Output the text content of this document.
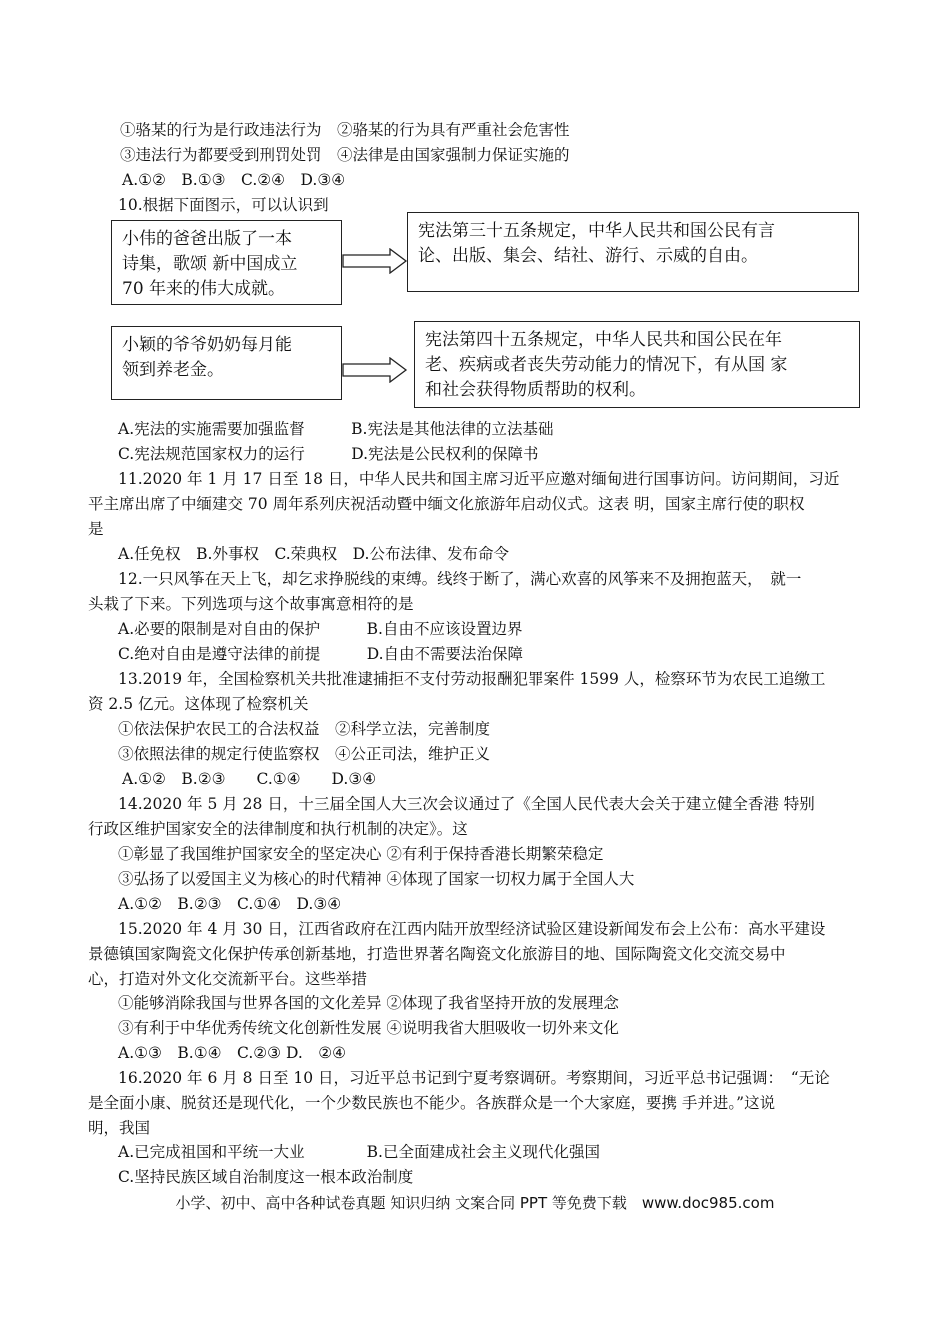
①骆某的行为是行政违法行为　②骆某的行为具有严重社会危害性
③违法行为都要受到刑罚处罚　④法律是由国家强制力保证实施的
A.①②　B.①③　C.②④　D.③④
10.根据下面图示，可以认识到
小伟的爸爸出版了一本
诗集，歌颂 新中国成立
70 年来的伟大成就。
宪法第三十五条规定，中华人民共和国公民有言
论、出版、集会、结社、游行、示威的自由。
小颖的爷爷奶奶每月能
领到养老金。
宪法第四十五条规定，中华人民共和国公民在年
老、疾病或者丧失劳动能力的情况下，有从国 家
和社会获得物质帮助的权利。
A.宪法的实施需要加强监督　　　B.宪法是其他法律的立法基础
C.宪法规范国家权力的运行　　　D.宪法是公民权利的保障书
11.2020 年 1 月 17 日至 18 日，中华人民共和国主席习近平应邀对缅甸进行国事访问。访问期间，习近
平主席出席了中缅建交 70 周年系列庆祝活动暨中缅文化旅游年启动仪式。这表 明，国家主席行使的职权
是
A.任免权　B.外事权　C.荣典权　D.公布法律、发布命令
12.一只风筝在天上飞，却乞求挣脱线的束缚。线终于断了，满心欢喜的风筝来不及拥抱蓝天，　就一
头栽了下来。下列选项与这个故事寓意相符的是
A.必要的限制是对自由的保护　　　B.自由不应该设置边界
C.绝对自由是遵守法律的前提　　　D.自由不需要法治保障
13.2019 年，全国检察机关共批准逮捕拒不支付劳动报酬犯罪案件 1599 人，检察环节为农民工追缴工
资 2.5 亿元。这体现了检察机关
①依法保护农民工的合法权益　②科学立法，完善制度
③依照法律的规定行使监察权　④公正司法，维护正义
A.①②　B.②③　　C.①④　　D.③④
14.2020 年 5 月 28 日，十三届全国人大三次会议通过了《全国人民代表大会关于建立健全香港 特别
行政区维护国家安全的法律制度和执行机制的决定》。这
①彰显了我国维护国家安全的坚定决心 ②有利于保持香港长期繁荣稳定
③弘扬了以爱国主义为核心的时代精神 ④体现了国家一切权力属于全国人大
A.①②　B.②③　C.①④　D.③④
15.2020 年 4 月 30 日，江西省政府在江西内陆开放型经济试验区建设新闻发布会上公布：高水平建设
景德镇国家陶瓷文化保护传承创新基地，打造世界著名陶瓷文化旅游目的地、国际陶瓷文化交流交易中
心，打造对外文化交流新平台。这些举措
①能够消除我国与世界各国的文化差异 ②体现了我省坚持开放的发展理念
③有利于中华优秀传统文化创新性发展 ④说明我省大胆吸收一切外来文化
A.①③　B.①④　C.②③ D.　②④
16.2020 年 6 月 8 日至 10 日，习近平总书记到宁夏考察调研。考察期间，习近平总书记强调：　“无论
是全面小康、脱贫还是现代化，一个少数民族也不能少。各族群众是一个大家庭，要携 手并进。”这说
明，我国
A.已完成祖国和平统一大业　　　　B.已全面建成社会主义现代化强国
C.坚持民族区域自治制度这一根本政治制度
小学、初中、高中各种试卷真题 知识归纳 文案合同 PPT 等免费下载　www.doc985.com
